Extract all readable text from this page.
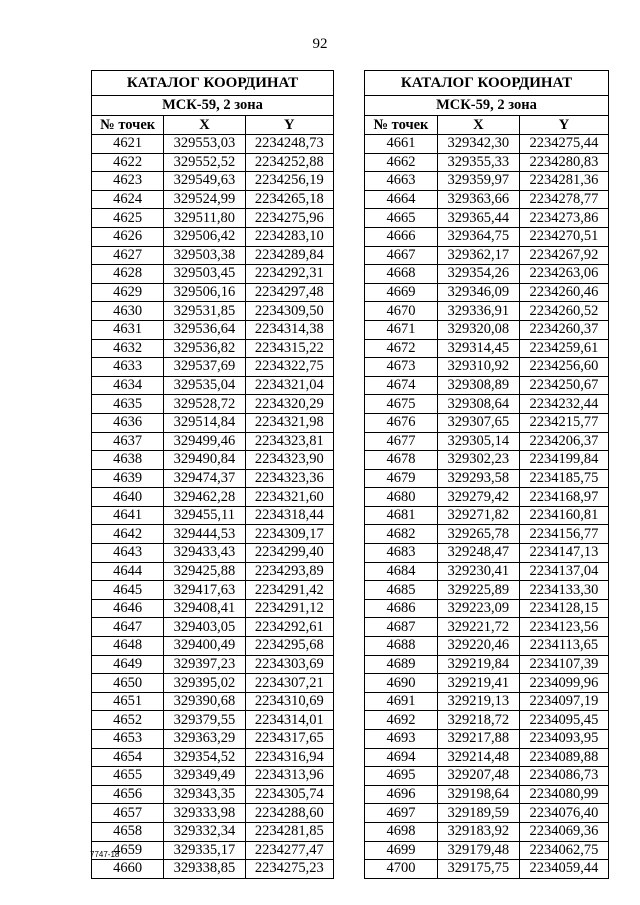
92
КАТАЛОГ КООРДИНАТ		
МСК-59, 2 зона		
№ точек	X	Y
4621	329553,03	2234248,73
4622	329552,52	2234252,88
4623	329549,63	2234256,19
4624	329524,99	2234265,18
4625	329511,80	2234275,96
4626	329506,42	2234283,10
4627	329503,38	2234289,84
4628	329503,45	2234292,31
4629	329506,16	2234297,48
4630	329531,85	2234309,50
4631	329536,64	2234314,38
4632	329536,82	2234315,22
4633	329537,69	2234322,75
4634	329535,04	2234321,04
4635	329528,72	2234320,29
4636	329514,84	2234321,98
4637	329499,46	2234323,81
4638	329490,84	2234323,90
4639	329474,37	2234323,36
4640	329462,28	2234321,60
4641	329455,11	2234318,44
4642	329444,53	2234309,17
4643	329433,43	2234299,40
4644	329425,88	2234293,89
4645	329417,63	2234291,42
4646	329408,41	2234291,12
4647	329403,05	2234292,61
4648	329400,49	2234295,68
4649	329397,23	2234303,69
4650	329395,02	2234307,21
4651	329390,68	2234310,69
4652	329379,55	2234314,01
4653	329363,29	2234317,65
4654	329354,52	2234316,94
4655	329349,49	2234313,96
4656	329343,35	2234305,74
4657	329333,98	2234288,60
4658	329332,34	2234281,85
4659	329335,17	2234277,47
4660	329338,85	2234275,23
КАТАЛОГ КООРДИНАТ		
МСК-59, 2 зона		
№ точек	X	Y
4661	329342,30	2234275,44
4662	329355,33	2234280,83
4663	329359,97	2234281,36
4664	329363,66	2234278,77
4665	329365,44	2234273,86
4666	329364,75	2234270,51
4667	329362,17	2234267,92
4668	329354,26	2234263,06
4669	329346,09	2234260,46
4670	329336,91	2234260,52
4671	329320,08	2234260,37
4672	329314,45	2234259,61
4673	329310,92	2234256,60
4674	329308,89	2234250,67
4675	329308,64	2234232,44
4676	329307,65	2234215,77
4677	329305,14	2234206,37
4678	329302,23	2234199,84
4679	329293,58	2234185,75
4680	329279,42	2234168,97
4681	329271,82	2234160,81
4682	329265,78	2234156,77
4683	329248,47	2234147,13
4684	329230,41	2234137,04
4685	329225,89	2234133,30
4686	329223,09	2234128,15
4687	329221,72	2234123,56
4688	329220,46	2234113,65
4689	329219,84	2234107,39
4690	329219,41	2234099,96
4691	329219,13	2234097,19
4692	329218,72	2234095,45
4693	329217,88	2234093,95
4694	329214,48	2234089,88
4695	329207,48	2234086,73
4696	329198,64	2234080,99
4697	329189,59	2234076,40
4698	329183,92	2234069,36
4699	329179,48	2234062,75
4700	329175,75	2234059,44
7747-18
